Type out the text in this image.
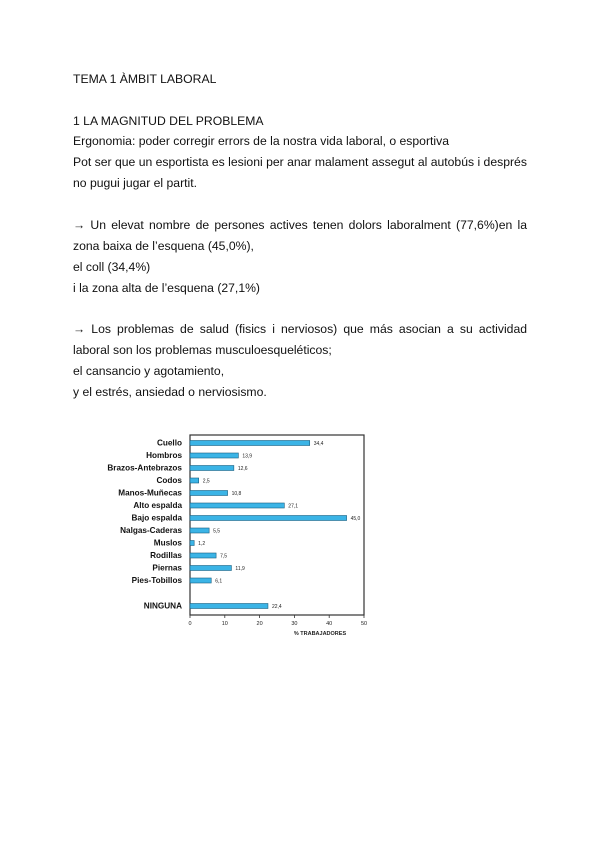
TEMA 1 ÀMBIT LABORAL
1 LA MAGNITUD DEL PROBLEMA
Ergonomia: poder corregir errors de la nostra vida laboral, o esportiva
Pot ser que un esportista es lesioni per anar malament assegut al autobús i després
no pugui jugar el partit.
→ Un elevat nombre de persones actives tenen dolors laboralment (77,6%)en la
zona baixa de l’esquena (45,0%),
el coll (34,4%)
i la zona alta de l’esquena (27,1%)
→ Los problemas de salud (fisics i nerviosos) que más asocian a su actividad
laboral son los problemas musculoesqueléticos;
el cansancio y agotamiento,
y el estrés, ansiedad o nerviosismo.
Cuello
Hombros
Brazos-Antebrazos
Codos
Manos-Muñecas
Alto espalda
Bajo espalda
Nalgas-Caderas
Muslos
Rodillas
Piernas
Pies-Tobillos
NINGUNA
34,4
13,9
12,6
2,5
10,8
27,1
45,0
5,5
1,2
7,5
11,9
6,1
22,4
0	10	20	30	40	50
% TRABAJADORES
